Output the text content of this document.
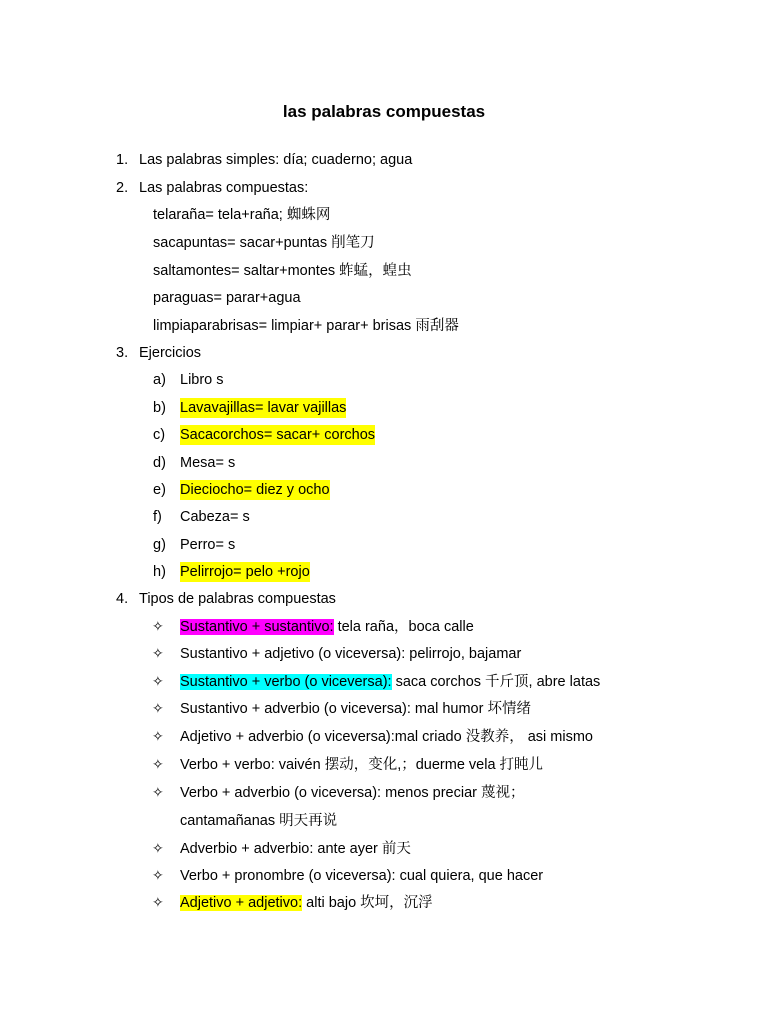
las palabras compuestas
1. Las palabras simples: día; cuaderno; agua
2. Las palabras compuestas:
telaraña= tela+raña; 蜘蛛网
sacapuntas= sacar+puntas 削笔刀
saltamontes= saltar+montes 蚱蜢，蝗虫
paraguas= parar+agua
limpiaparabrisas= limpiar+ parar+ brisas 雨刮器
3. Ejercicios
a) Libro s
b) Lavavajillas= lavar vajillas
c) Sacacorchos= sacar+ corchos
d) Mesa= s
e) Dieciocho= diez y ocho
f) Cabeza= s
g) Perro= s
h) Pelirrojo= pelo +rojo
4. Tipos de palabras compuestas
✧ Sustantivo + sustantivo: tela raña，boca calle
✧ Sustantivo + adjetivo (o viceversa): pelirrojo, bajamar
✧ Sustantivo + verbo (o viceversa): saca corchos 千斤顶, abre latas
✧ Sustantivo + adverbio (o viceversa): mal humor 坏情绪
✧ Adjetivo + adverbio (o viceversa):mal criado 没教养， asi mismo
✧ Verbo + verbo: vaivén 摆动，变化,；duerme vela 打盹儿
✧ Verbo + adverbio (o viceversa): menos preciar 蔑视；
cantamañanas 明天再说
✧ Adverbio + adverbio: ante ayer 前天
✧ Verbo + pronombre (o viceversa): cual quiera, que hacer
✧ Adjetivo + adjetivo: alti bajo 坎坷，沉浮
